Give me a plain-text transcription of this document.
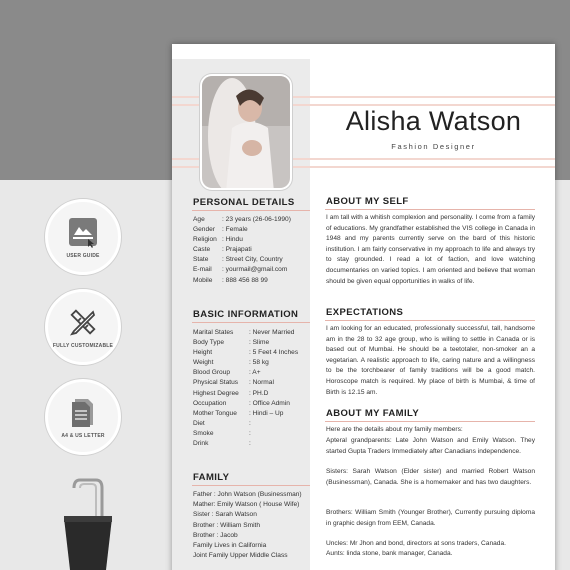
USER GUIDE
FULLY CUSTOMIZABLE
A4 & US LETTER
Alisha Watson
Fashion Designer
PERSONAL DETAILS
Age	: 23 years (26-06-1990)
Gender	: Female
Religion : Hindu
Caste	: Prajapati
State	: Street City, Country
E-mail	: yourmail@gmail.com
Mobile	: 888 456 88 99
BASIC INFORMATION
Marital States	: Never Married
Body Type	: Slime
Height	: 5 Feet 4 Inches
Weight	: 58 kg
Blood Group	: A+
Physical Status	: Normal
Highest Degree	: PH.D
Occupation	: Office Admin
Mother Tongue	: Hindi – Up
Diet	:
Smoke	:
Drink	:
FAMILY
Father : John Watson (Businessman)
Mather: Emily Watson ( House Wife)
Sister : Sarah Watson
Brother : William Smith
Brother : Jacob
Family Lives in California
Joint Family Upper Middle Class
ABOUT MY SELF
I am tall with a whitish complexion and personality. I come from a family of educations. My grandfather established the VIS college in Canada in 1948 and my parents currently serve on the bard of this historic institution. I am fairly conservative in my approach to life and always try to stay grounded. I read a lot of faction, and love watching documentaries on varied topics. I am oriented and believe that woman should be given equal opportunities in walks of life.
EXPECTATIONS
I am looking for an educated, professionally successful, tall, handsome am in the 28 to 32 age group, who is willing to settle in Canada or is based out of Mumbai. He should be a teetotaler, non-smoker an a vegetarian. A realistic approach to life, caring nature and a willingness to be the torchbearer of family traditions will be a good match. Horoscope match is required. My place of birth is Mumbai, & time of Birth is 12.15 am.
ABOUT MY FAMILY
Here are the details about my family members:
Apteral grandparents: Late John Watson and Emily Watson. They started Gupta Traders Immediately after Canadians independence.
Sisters: Sarah Watson (Elder sister) and married Robert Watson (Businessman), Canada. She is a homemaker and has two daughters.
Brothers: William Smith (Younger Brother), Currently pursuing diploma in graphic design from EEM, Canada.
Uncles: Mr Jhon and bond, directors at sons traders, Canada.
Aunts: linda stone, bank manager, Canada.
